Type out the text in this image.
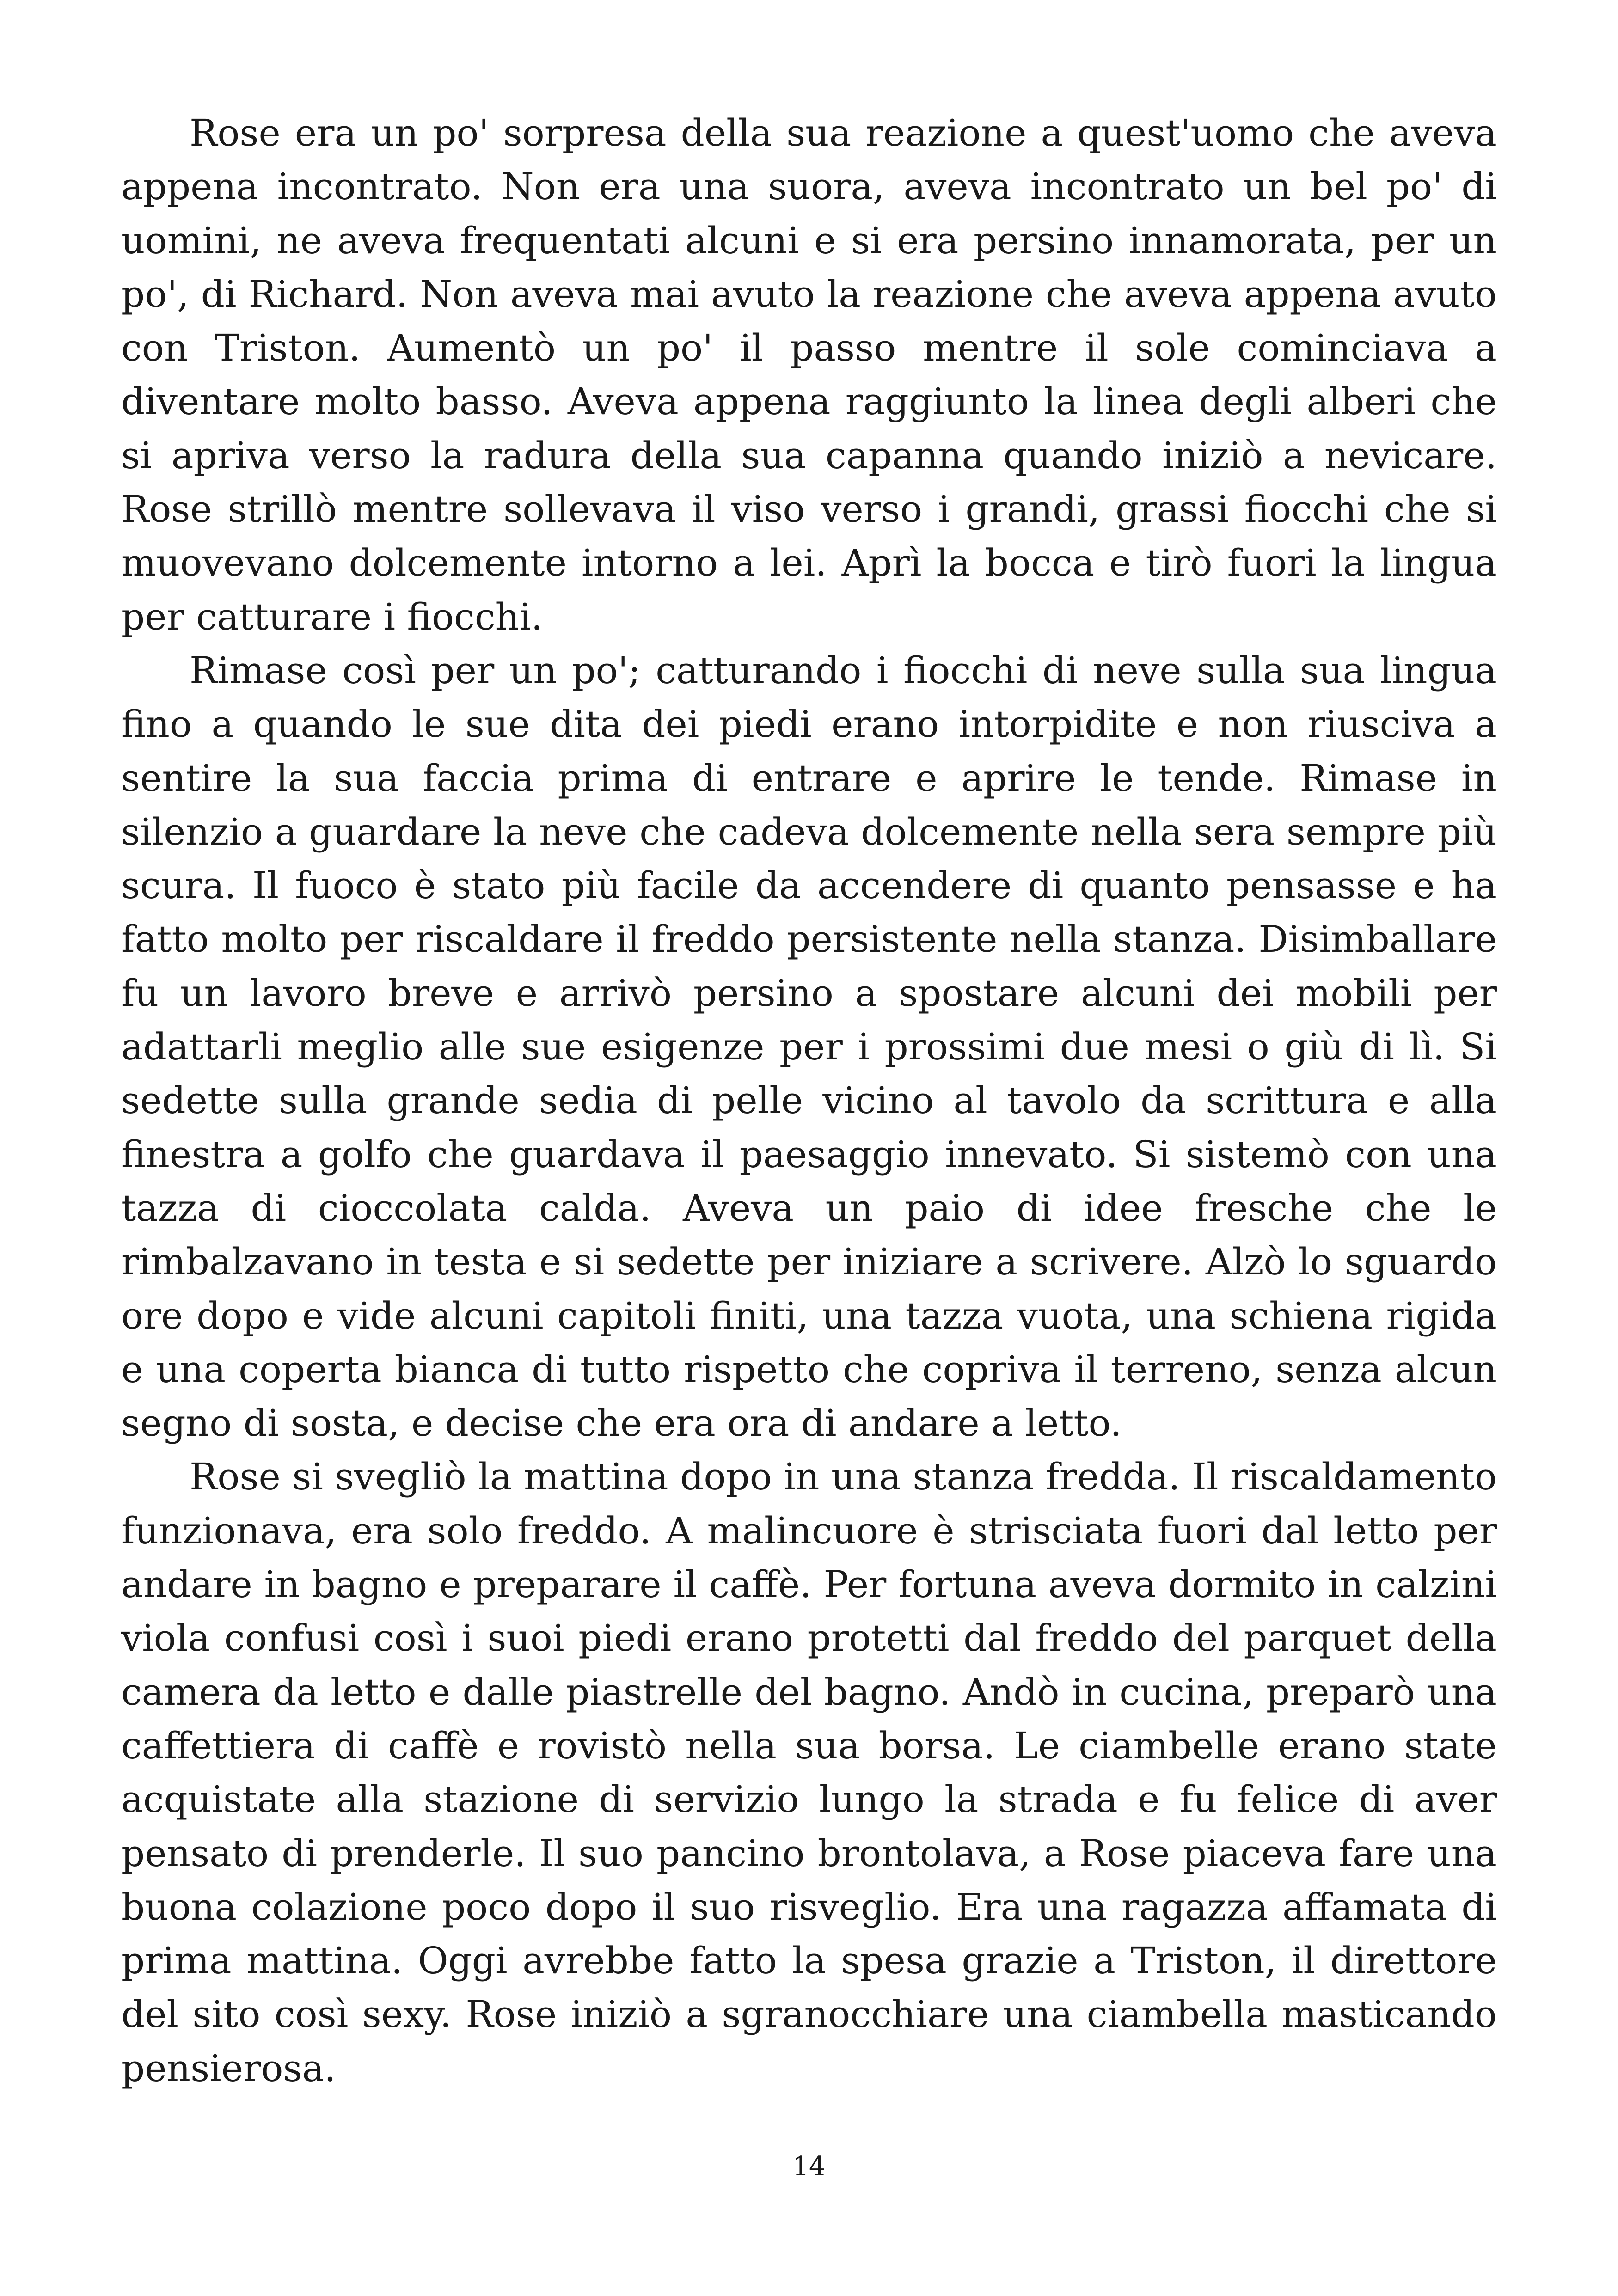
Rose era un po' sorpresa della sua reazione a quest'uomo che aveva appena incontrato. Non era una suora, aveva incontrato un bel po' di uomini, ne aveva frequentati alcuni e si era persino innamorata, per un po', di Richard. Non aveva mai avuto la reazione che aveva appena avuto con Triston. Aumentò un po' il passo mentre il sole cominciava a diventare molto basso. Aveva appena raggiunto la linea degli alberi che si apriva verso la radura della sua capanna quando iniziò a nevicare. Rose strillò mentre sollevava il viso verso i grandi, grassi fiocchi che si muovevano dolcemente intorno a lei. Aprì la bocca e tirò fuori la lingua per catturare i fiocchi.

Rimase così per un po'; catturando i fiocchi di neve sulla sua lingua fino a quando le sue dita dei piedi erano intorpidite e non riusciva a sentire la sua faccia prima di entrare e aprire le tende. Rimase in silenzio a guardare la neve che cadeva dolcemente nella sera sempre più scura. Il fuoco è stato più facile da accendere di quanto pensasse e ha fatto molto per riscaldare il freddo persistente nella stanza. Disimballare fu un lavoro breve e arrivò persino a spostare alcuni dei mobili per adattarli meglio alle sue esigenze per i prossimi due mesi o giù di lì. Si sedette sulla grande sedia di pelle vicino al tavolo da scrittura e alla finestra a golfo che guardava il paesaggio innevato. Si sistemò con una tazza di cioccolata calda. Aveva un paio di idee fresche che le rimbalzavano in testa e si sedette per iniziare a scrivere. Alzò lo sguardo ore dopo e vide alcuni capitoli finiti, una tazza vuota, una schiena rigida e una coperta bianca di tutto rispetto che copriva il terreno, senza alcun segno di sosta, e decise che era ora di andare a letto.

Rose si svegliò la mattina dopo in una stanza fredda. Il riscaldamento funzionava, era solo freddo. A malincuore è strisciata fuori dal letto per andare in bagno e preparare il caffè. Per fortuna aveva dormito in calzini viola confusi così i suoi piedi erano protetti dal freddo del parquet della camera da letto e dalle piastrelle del bagno. Andò in cucina, preparò una caffettiera di caffè e rovistò nella sua borsa. Le ciambelle erano state acquistate alla stazione di servizio lungo la strada e fu felice di aver pensato di prenderle. Il suo pancino brontolava, a Rose piaceva fare una buona colazione poco dopo il suo risveglio. Era una ragazza affamata di prima mattina. Oggi avrebbe fatto la spesa grazie a Triston, il direttore del sito così sexy. Rose iniziò a sgranocchiare una ciambella masticando pensierosa.

14
